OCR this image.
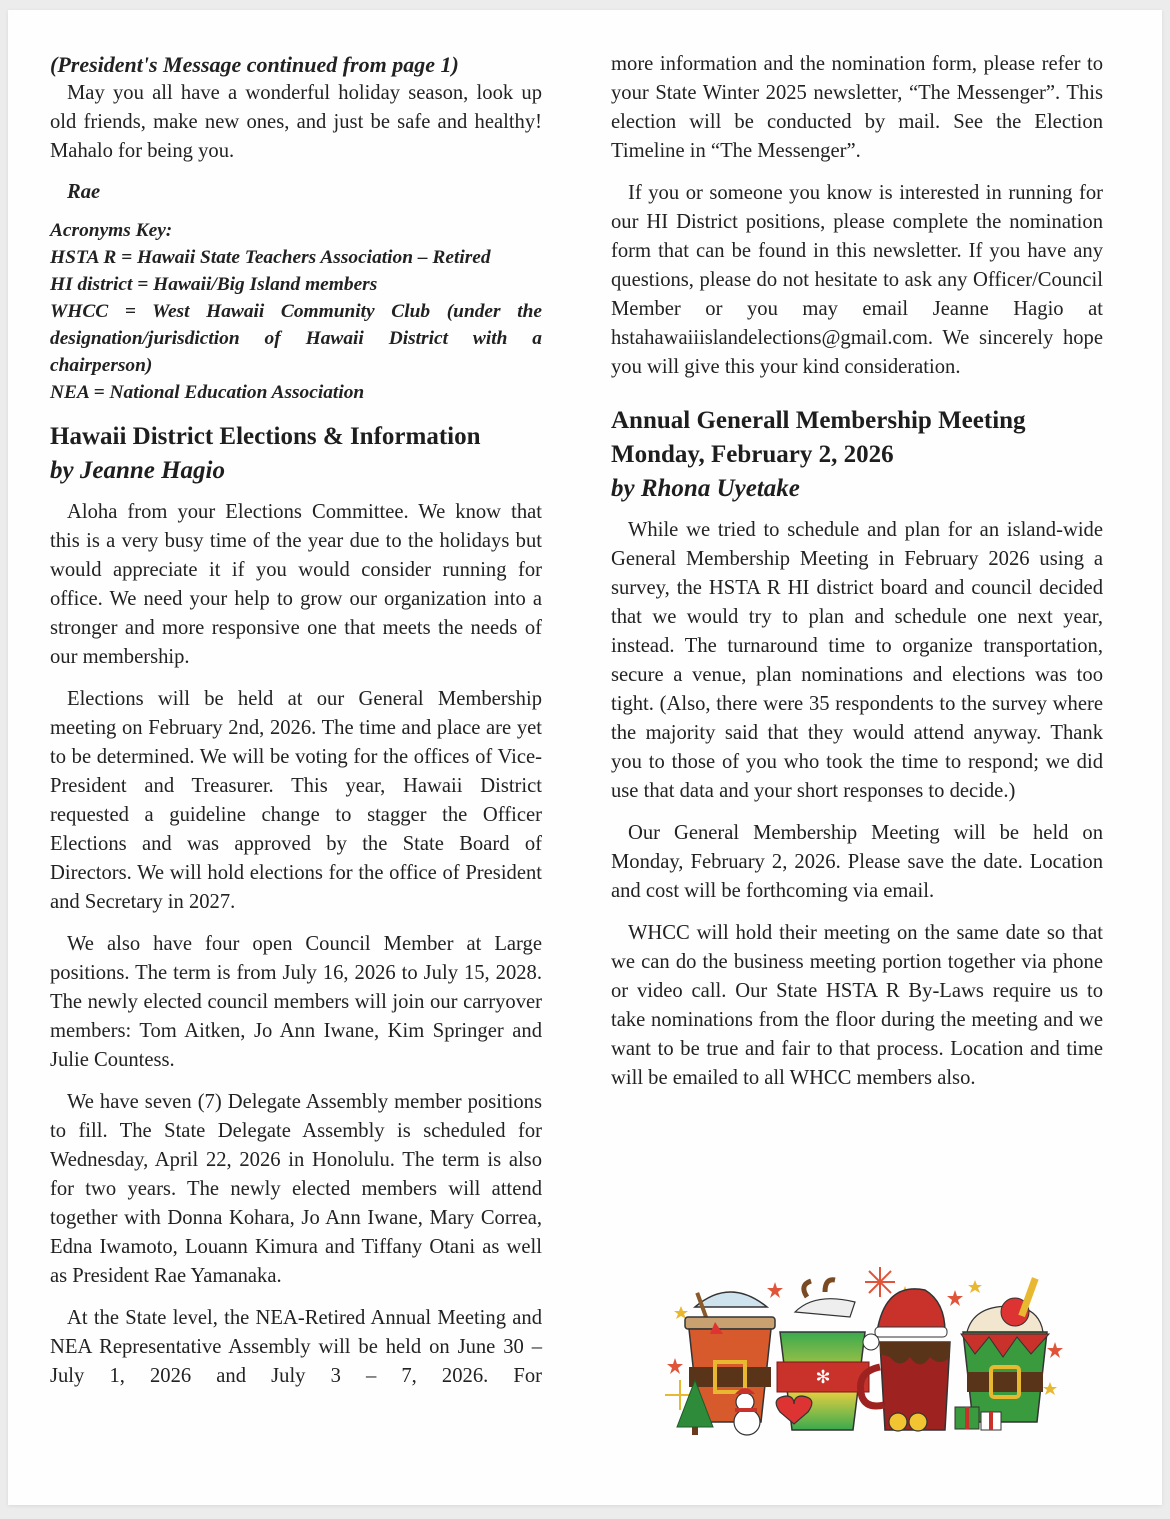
(President's Message continued from page 1)

May you all have a wonderful holiday season, look up old friends, make new ones, and just be safe and healthy! Mahalo for being you.

Rae
Acronyms Key:
HSTA R = Hawaii State Teachers Association – Retired
HI district = Hawaii/Big Island members
WHCC = West Hawaii Community Club (under the designation/jurisdiction of Hawaii District with a chairperson)
NEA = National Education Association
Hawaii District Elections & Information
by Jeanne Hagio

Aloha from your Elections Committee. We know that this is a very busy time of the year due to the holidays but would appreciate it if you would consider running for office. We need your help to grow our organization into a stronger and more responsive one that meets the needs of our membership.

Elections will be held at our General Membership meeting on February 2nd, 2026. The time and place are yet to be determined. We will be voting for the offices of Vice-President and Treasurer. This year, Hawaii District requested a guideline change to stagger the Officer Elections and was approved by the State Board of Directors. We will hold elections for the office of President and Secretary in 2027.

We also have four open Council Member at Large positions. The term is from July 16, 2026 to July 15, 2028. The newly elected council members will join our carryover members: Tom Aitken, Jo Ann Iwane, Kim Springer and Julie Countess.

We have seven (7) Delegate Assembly member positions to fill. The State Delegate Assembly is scheduled for Wednesday, April 22, 2026 in Honolulu. The term is also for two years. The newly elected members will attend together with Donna Kohara, Jo Ann Iwane, Mary Correa, Edna Iwamoto, Louann Kimura and Tiffany Otani as well as President Rae Yamanaka.

At the State level, the NEA-Retired Annual Meeting and NEA Representative Assembly will be held on June 30 – July 1, 2026 and July 3 – 7, 2026. For

more information and the nomination form, please refer to your State Winter 2025 newsletter, “The Messenger”. This election will be conducted by mail. See the Election Timeline in “The Messenger”.

If you or someone you know is interested in running for our HI District positions, please complete the nomination form that can be found in this newsletter. If you have any questions, please do not hesitate to ask any Officer/Council Member or you may email Jeanne Hagio at hstahawaiiislandelections@gmail.com. We sincerely hope you will give this your kind consideration.

Annual Generall Membership Meeting
Monday, February 2, 2026
by Rhona Uyetake

While we tried to schedule and plan for an island-wide General Membership Meeting in February 2026 using a survey, the HSTA R HI district board and council decided that we would try to plan and schedule one next year, instead. The turnaround time to organize transportation, secure a venue, plan nominations and elections was too tight. (Also, there were 35 respondents to the survey where the majority said that they would attend anyway. Thank you to those of you who took the time to respond; we did use that data and your short responses to decide.)

Our General Membership Meeting will be held on Monday, February 2, 2026. Please save the date. Location and cost will be forthcoming via email.

WHCC will hold their meeting on the same date so that we can do the business meeting portion together via phone or video call. Our State HSTA R By-Laws require us to take nominations from the floor during the meeting and we want to be true and fair to that process. Location and time will be emailed to all WHCC members also.

✻
